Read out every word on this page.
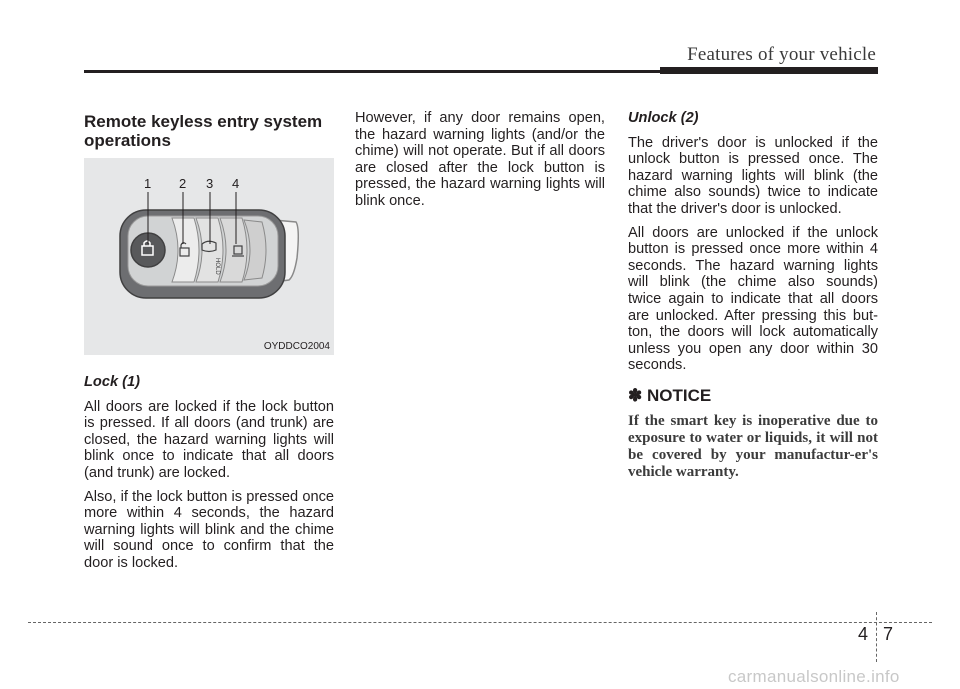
Features of your vehicle
Remote keyless entry system operations
HOLD
1 2 3 4
OYDDCO2004
Lock (1)

All doors are locked if the lock button is pressed. If all doors (and trunk) are closed, the hazard warning lights will blink once to indicate that all doors (and trunk) are locked.

Also, if the lock button is pressed once more within 4 seconds, the hazard warning lights will blink and the chime will sound once to confirm that the door is locked.

However, if any door remains open, the hazard warning lights (and/or the chime) will not operate. But if all doors are closed after the lock button is pressed, the hazard warning lights will blink once.

Unlock (2)

The driver's door is unlocked if the unlock button is pressed once. The hazard warning lights will blink (the chime also sounds) twice to indicate that the driver's door is unlocked.

All doors are unlocked if the unlock button is pressed once more within 4 seconds. The hazard warning lights will blink (the chime also sounds) twice again to indicate that all doors are unlocked. After pressing this but-ton, the doors will lock automatically unless you open any door within 30 seconds.

✽ NOTICE

If the smart key is inoperative due to exposure to water or liquids, it will not be covered by your manufactur-er's vehicle warranty.

4 7
carmanualsonline.info
